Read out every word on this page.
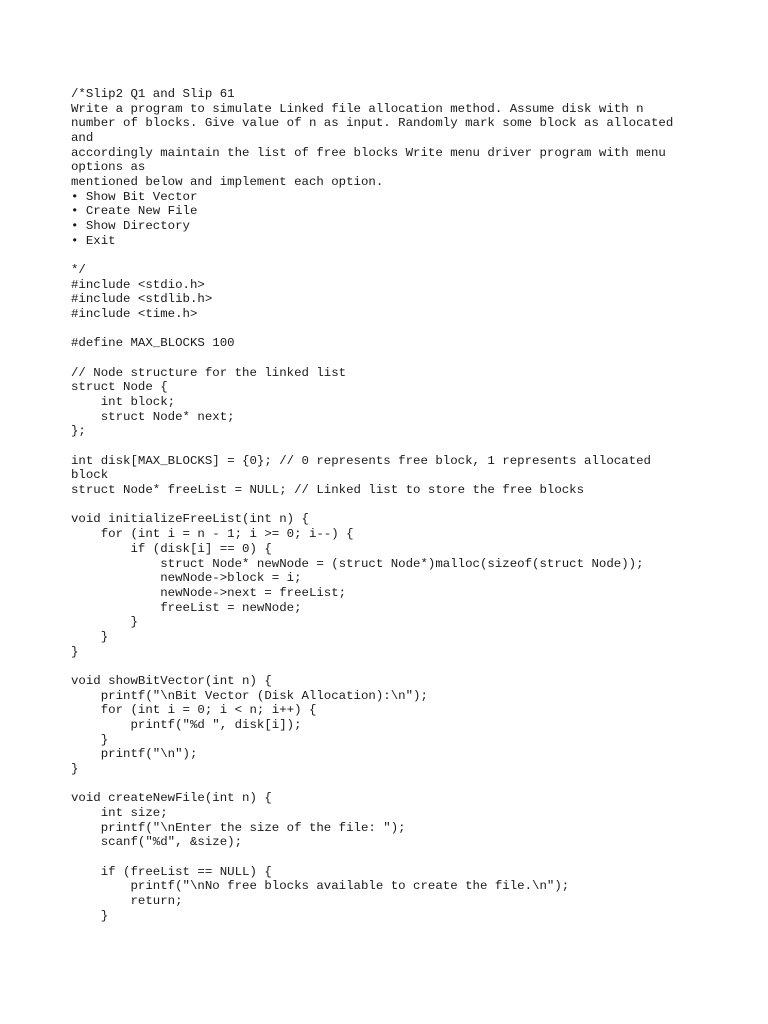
/*Slip2 Q1 and Slip 61
Write a program to simulate Linked file allocation method. Assume disk with n
number of blocks. Give value of n as input. Randomly mark some block as allocated
and
accordingly maintain the list of free blocks Write menu driver program with menu
options as
mentioned below and implement each option.
• Show Bit Vector
• Create New File
• Show Directory
• Exit
*/
#include <stdio.h>
#include <stdlib.h>
#include <time.h>
#define MAX_BLOCKS 100
// Node structure for the linked list
struct Node {
int block;
struct Node* next;
};
int disk[MAX_BLOCKS] = {0}; // 0 represents free block, 1 represents allocated
block
struct Node* freeList = NULL; // Linked list to store the free blocks
void initializeFreeList(int n) {
for (int i = n - 1; i >= 0; i--) {
if (disk[i] == 0) {
struct Node* newNode = (struct Node*)malloc(sizeof(struct Node));
newNode->block = i;
newNode->next = freeList;
freeList = newNode;
}
}
}
void showBitVector(int n) {
printf("\nBit Vector (Disk Allocation):\n");
for (int i = 0; i < n; i++) {
printf("%d ", disk[i]);
}
printf("\n");
}
void createNewFile(int n) {
int size;
printf("\nEnter the size of the file: ");
scanf("%d", &size);
if (freeList == NULL) {
printf("\nNo free blocks available to create the file.\n");
return;
}
